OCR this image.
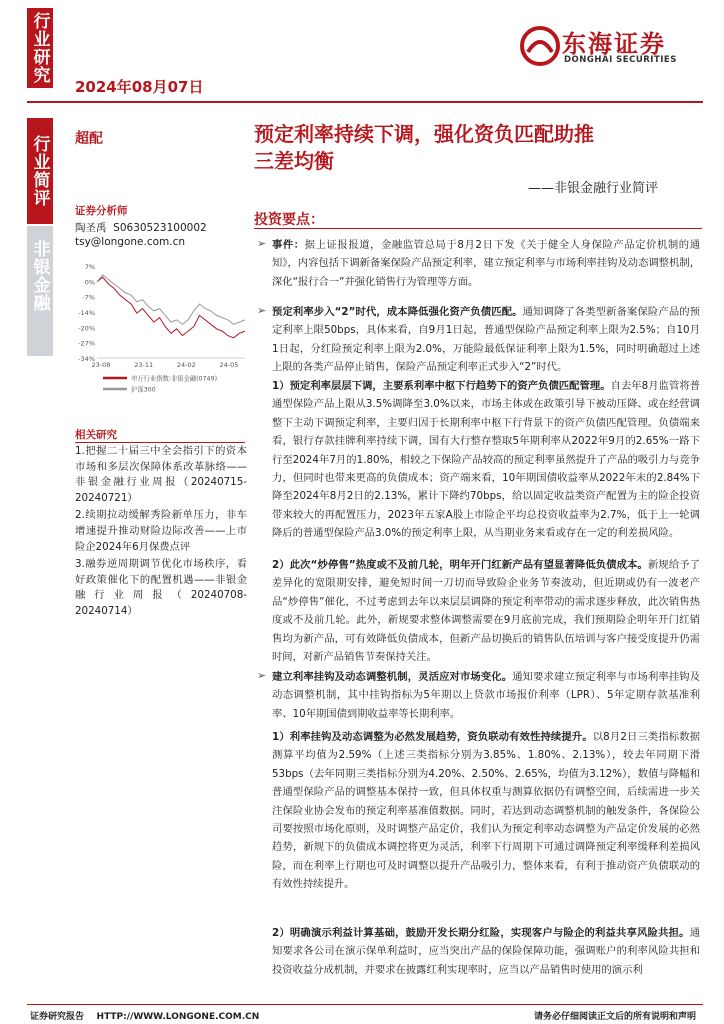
行业研究
2024年08月07日
东海证券
DONGHAI SECURITIES
行业简评
非银金融
超配	预定利率持续下调，强化资负匹配助推
三差均衡
——非银金融行业简评
证券分析师
陶圣禹  S0630523100002
tsy@longone.com.cn
7%
0%
-7%
-14%
-20%
-27%
-34%
23-08	23-11	24-02	24-05
申万行业指数:非银金融(0749)
沪深300
相关研究

1.把握二十届三中全会指引下的资本市场和多层次保障体系改革脉络——非银金融行业周报（20240715-20240721）

2.续期拉动缓解秀险新单压力，非车增速提升推动财险边际改善——上市险企2024年6月保费点评

3.融券逆周期调节优化市场秩序，看好政策催化下的配置机遇——非银金融行业周报（20240708-20240714）

投资要点：
➢ 事件：据上证报报道，金融监管总局于8月2日下发《关于健全人身保险产品定价机制的通知》，内容包括下调新备案保险产品预定利率，建立预定利率与市场利率挂钩及动态调整机制，深化“报行合一”并强化销售行为管理等方面。

➢ 预定利率步入“2”时代，成本降低强化资产负债匹配。通知调降了各类型新备案保险产品的预定利率上限50bps，具体来看，自9月1日起，普通型保险产品预定利率上限为2.5%；自10月1日起，分红险预定利率上限为2.0%，万能险最低保证利率上限为1.5%，同时明确超过上述上限的各类产品停止销售，保险产品预定利率正式步入“2”时代。

1）预定利率层层下调，主要系利率中枢下行趋势下的资产负债匹配管理。自去年8月监管将普通型保险产品上限从3.5%调降至3.0%以来，市场主体或在政策引导下被动压降、或在经营调整下主动下调预定利率，主要归因于长期利率中枢下行背景下的资产负债匹配管理。负债端来看，银行存款挂牌利率持续下调，国有大行整存整取5年期利率从2022年9月的2.65%一路下行至2024年7月的1.80%，相较之下保险产品较高的预定利率虽然提升了产品的吸引力与竞争力，但同时也带来更高的负债成本；资产端来看，10年期国债收益率从2022年末的2.84%下降至2024年8月2日的2.13%，累计下降约70bps，给以固定收益类资产配置为主的险企投资带来较大的再配置压力，2023年五家A股上市险企平均总投资收益率为2.7%，低于上一轮调降后的普通型保险产品3.0%的预定利率上限，从当期业务来看或存在一定的利差损风险。

2）此次“炒停售”热度或不及前几轮，明年开门红新产品有望显著降低负债成本。新规给予了差异化的宽限期安排，避免短时间一刀切而导致险企业务节奏波动，但近期或仍有一波老产品“炒停售”催化，不过考虑到去年以来层层调降的预定利率带动的需求逐步释放，此次销售热度或不及前几轮。此外，新规要求整体调整需要在9月底前完成，我们预期险企明年开门红销售均为新产品，可有效降低负债成本，但新产品切换后的销售队伍培训与客户接受度提升仍需时间，对新产品销售节奏保持关注。

➢ 建立利率挂钩及动态调整机制，灵活应对市场变化。通知要求建立预定利率与市场利率挂钩及动态调整机制，其中挂钩指标为5年期以上贷款市场报价利率（LPR）、5年定期存款基准利率、10年期国债到期收益率等长期利率。

1）利率挂钩及动态调整为必然发展趋势，资负联动有效性持续提升。以8月2日三类指标数据测算平均值为2.59%（上述三类指标分别为3.85%、1.80%、2.13%），较去年同期下滑53bps（去年同期三类指标分别为4.20%、2.50%、2.65%，均值为3.12%），数值与降幅和普通型保险产品的调整基本保持一致，但具体权重与测算依据仍有调整空间，后续需进一步关注保险业协会发布的预定利率基准值数据。同时，若达到动态调整机制的触发条件，各保险公司要按照市场化原则，及时调整产品定价，我们认为预定利率动态调整为产品定价发展的必然趋势，新规下的负债成本调控将更为灵活，利率下行周期下可通过调降预定利率缓释利差损风险，而在利率上行期也可及时调整以提升产品吸引力，整体来看，有利于推动资产负债联动的有效性持续提升。

2）明确演示利益计算基础，鼓励开发长期分红险，实现客户与险企的利益共享风险共担。通知要求各公司在演示保单利益时，应当突出产品的保险保障功能，强调账户的利率风险共担和投资收益分成机制，并要求在披露红利实现率时，应当以产品销售时使用的演示利

证券研究报告    HTTP://WWW.LONGONE.COM.CN	请务必仔细阅读正文后的所有说明和声明
